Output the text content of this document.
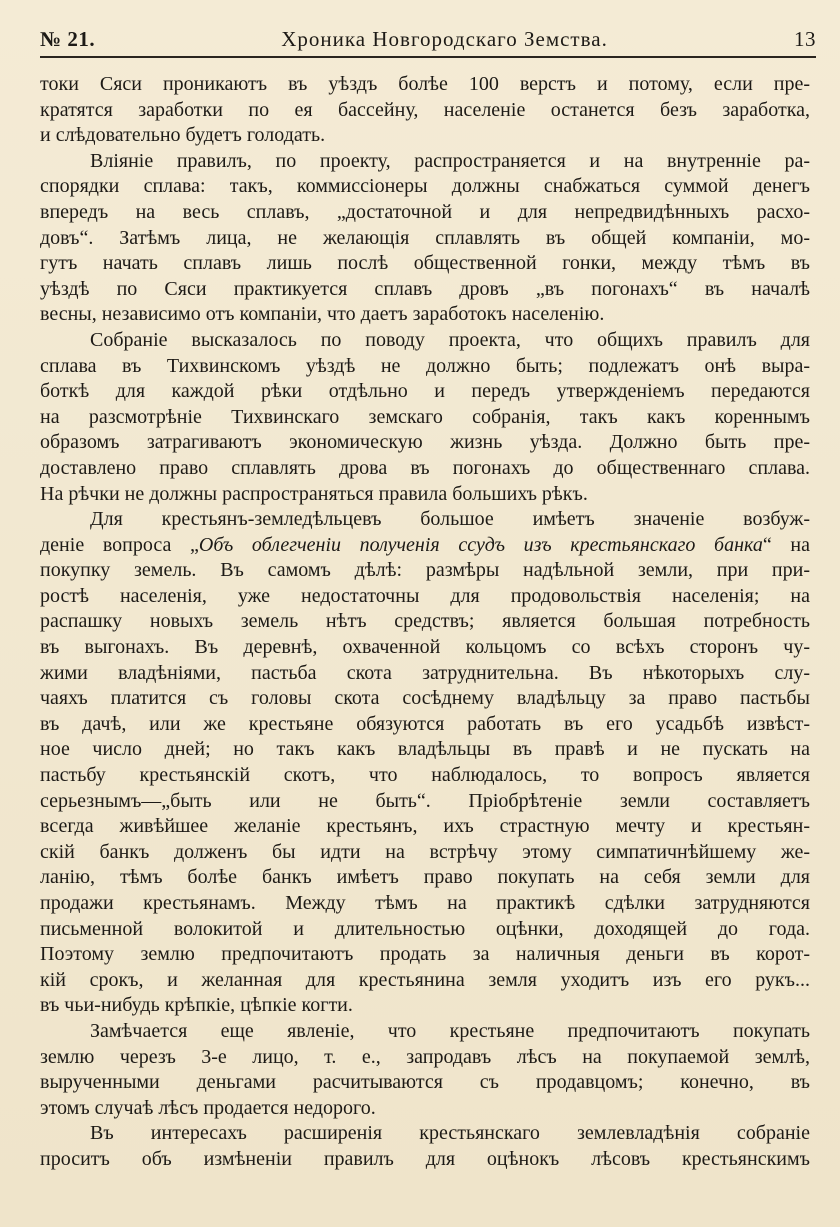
№ 21.	Хроника Новгородскаго Земства.	13
токи Сяси проникаютъ въ уѣздъ болѣе 100 верстъ и потому, если пре-
кратятся заработки по ея бассейну, населеніе останется безъ заработка,
и слѣдовательно будетъ голодать.
Вліяніе правилъ, по проекту, распространяется и на внутренніе ра-
спорядки сплава: такъ, коммиссіонеры должны снабжаться суммой денегъ
впередъ на весь сплавъ, „достаточной и для непредвидѣнныхъ расхо-
довъ“. Затѣмъ лица, не желающія сплавлять въ общей компаніи, мо-
гутъ начать сплавъ лишь послѣ общественной гонки, между тѣмъ въ
уѣздѣ по Сяси практикуется сплавъ дровъ „въ погонахъ“ въ началѣ
весны, независимо отъ компаніи, что даетъ заработокъ населенію.
Собраніе высказалось по поводу проекта, что общихъ правилъ для
сплава въ Тихвинскомъ уѣздѣ не должно быть; подлежатъ онѣ выра-
боткѣ для каждой рѣки отдѣльно и передъ утвержденіемъ передаются
на разсмотрѣніе Тихвинскаго земскаго собранія, такъ какъ кореннымъ
образомъ затрагиваютъ экономическую жизнь уѣзда. Должно быть пре-
доставлено право сплавлять дрова въ погонахъ до общественнаго сплава.
На рѣчки не должны распространяться правила большихъ рѣкъ.
Для крестьянъ-земледѣльцевъ большое имѣетъ значеніе возбуж-
деніе вопроса „Объ облегченіи полученія ссудъ изъ крестьянскаго банка“ на
покупку земель. Въ самомъ дѣлѣ: размѣры надѣльной земли, при при-
ростѣ населенія, уже недостаточны для продовольствія населенія; на
распашку новыхъ земель нѣтъ средствъ; является большая потребность
въ выгонахъ. Въ деревнѣ, охваченной кольцомъ со всѣхъ сторонъ чу-
жими владѣніями, пастьба скота затруднительна. Въ нѣкоторыхъ слу-
чаяхъ платится съ головы скота сосѣднему владѣльцу за право пастьбы
въ дачѣ, или же крестьяне обязуются работать въ его усадьбѣ извѣст-
ное число дней; но такъ какъ владѣльцы въ правѣ и не пускать на
пастьбу крестьянскій скотъ, что наблюдалось, то вопросъ является
серьезнымъ—„быть или не быть“. Пріобрѣтеніе земли составляетъ
всегда живѣйшее желаніе крестьянъ, ихъ страстную мечту и крестьян-
скій банкъ долженъ бы идти на встрѣчу этому симпатичнѣйшему же-
ланію, тѣмъ болѣе банкъ имѣетъ право покупать на себя земли для
продажи крестьянамъ. Между тѣмъ на практикѣ сдѣлки затрудняются
письменной волокитой и длительностью оцѣнки, доходящей до года.
Поэтому землю предпочитаютъ продать за наличныя деньги въ корот-
кій срокъ, и желанная для крестьянина земля уходитъ изъ его рукъ...
въ чьи-нибудь крѣпкіе, цѣпкіе когти.
Замѣчается еще явленіе, что крестьяне предпочитаютъ покупать
землю черезъ 3-е лицо, т. е., запродавъ лѣсъ на покупаемой землѣ,
вырученными деньгами расчитываются съ продавцомъ; конечно, въ
этомъ случаѣ лѣсъ продается недорого.
Въ интересахъ расширенія крестьянскаго землевладѣнія собраніе
проситъ объ измѣненіи правилъ для оцѣнокъ лѣсовъ крестьянскимъ
